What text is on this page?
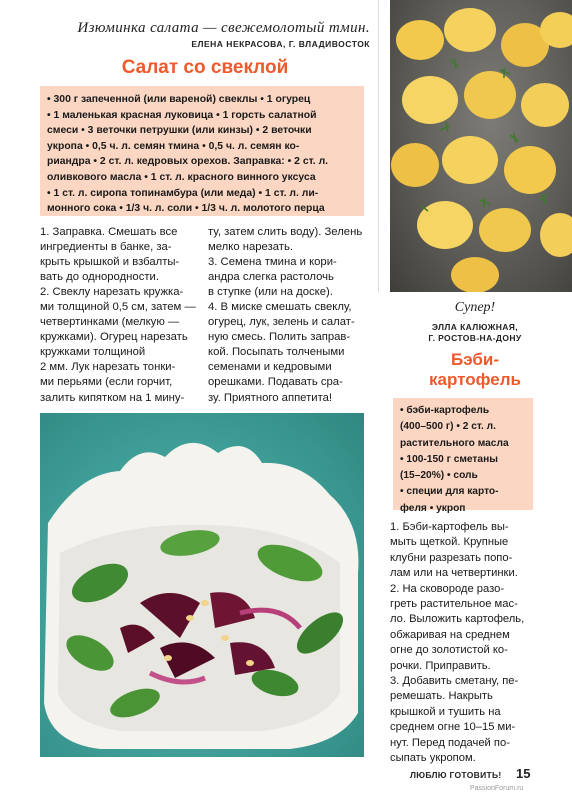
Изюминка салата — свежемолотый тмин.
ЕЛЕНА НЕКРАСОВА, Г. ВЛАДИВОСТОК
Салат со свеклой
• 300 г запеченной (или вареной) свеклы • 1 огурец
• 1 маленькая красная луковица • 1 горсть салатной
смеси • 3 веточки петрушки (или кинзы) • 2 веточки
укропа • 0,5 ч. л. семян тмина • 0,5 ч. л. семян ко-
риандра • 2 ст. л. кедровых орехов. Заправка: • 2 ст. л.
оливкового масла • 1 ст. л. красного винного уксуса
• 1 ст. л. сиропа топинамбура (или меда) • 1 ст. л. ли-
монного сока • 1/3 ч. л. соли • 1/3 ч. л. молотого перца
1. Заправка. Смешать все
ингредиенты в банке, за-
крыть крышкой и взбалты-
вать до однородности.
2. Свеклу нарезать кружка-
ми толщиной 0,5 см, затем —
четвертинками (мелкую —
кружками). Огурец нарезать
кружками толщиной
2 мм. Лук нарезать тонки-
ми перьями (если горчит,
залить кипятком на 1 мину-
ту, затем слить воду). Зелень
мелко нарезать.
3. Семена тмина и кори-
андра слегка растолочь
в ступке (или на доске).
4. В миске смешать свеклу,
огурец, лук, зелень и салат-
ную смесь. Полить заправ-
кой. Посыпать толчеными
семенами и кедровыми
орешками. Подавать сра-
зу. Приятного аппетита!
Супер!
ЭЛЛА КАЛЮЖНАЯ,
Г. РОСТОВ-НА-ДОНУ
Бэби-
картофель
• бэби-картофель
(400–500 г) • 2 ст. л.
растительного масла
• 100-150 г сметаны
(15–20%) • соль
• специи для карто-
феля • укроп
1. Бэби-картофель вы-
мыть щеткой. Крупные
клубни разрезать попо-
лам или на четвертинки.
2. На сковороде разо-
греть растительное мас-
ло. Выложить картофель,
обжаривая на среднем
огне до золотистой ко-
рочки. Приправить.
3. Добавить сметану, пе-
ремешать. Накрыть
крышкой и тушить на
среднем огне 10–15 ми-
нут. Перед подачей по-
сыпать укропом.
ЛЮБЛЮ ГОТОВИТЬ! 15
PassionForum.ru
